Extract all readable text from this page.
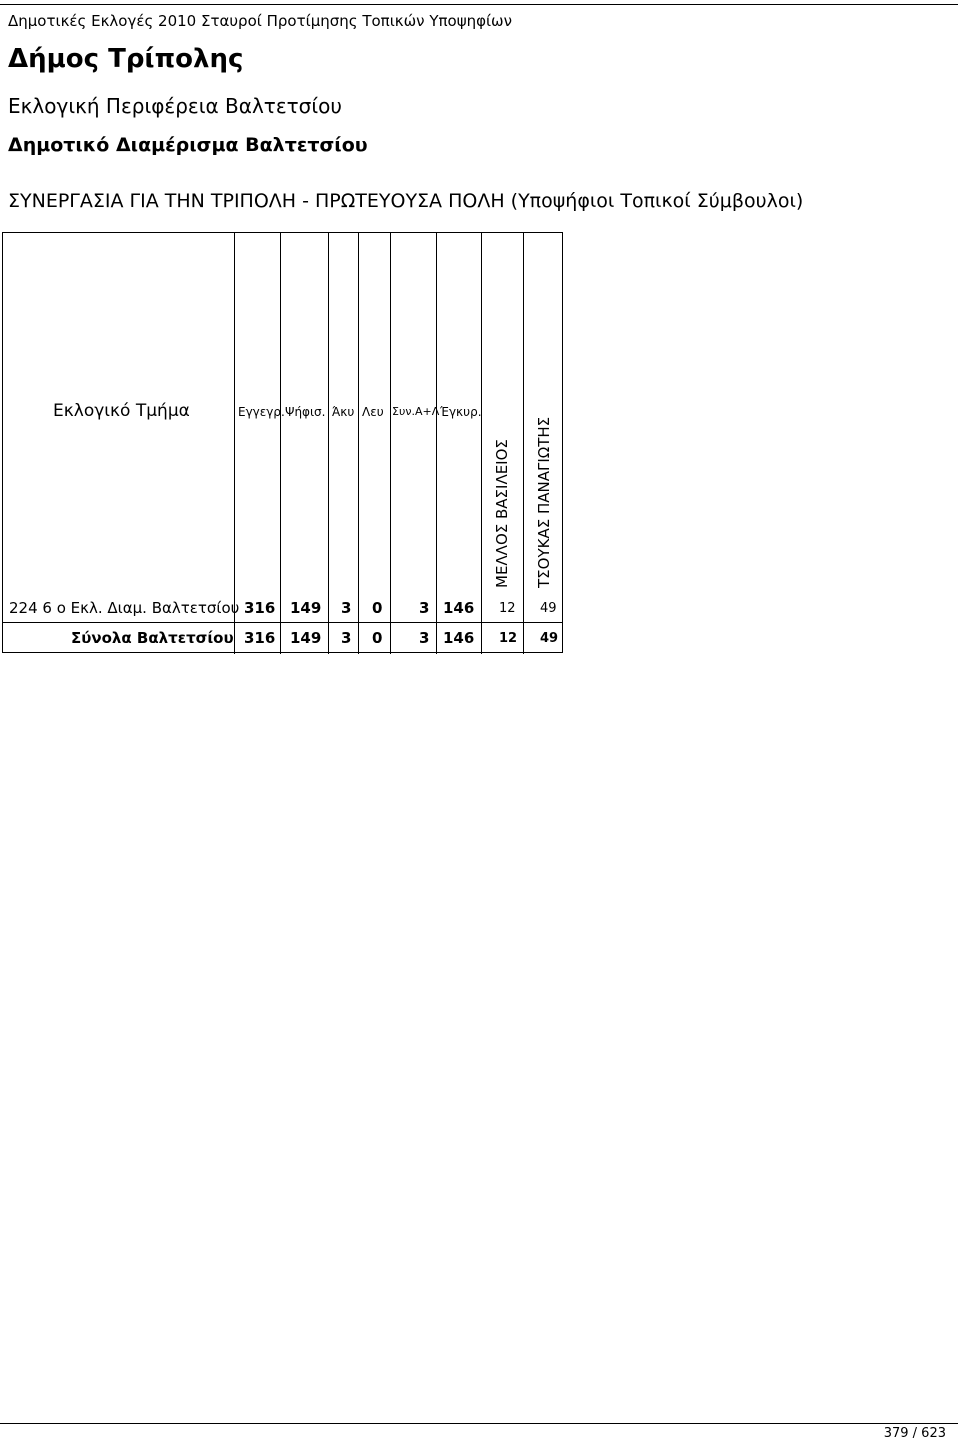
Δημοτικές Εκλογές 2010 Σταυροί Προτίμησης Τοπικών Υποψηφίων
Δήμος Τρίπολης
Εκλογική Περιφέρεια Βαλτετσίου
Δημοτικό Διαμέρισμα Βαλτετσίου
ΣΥΝΕΡΓΑΣΙΑ ΓΙΑ ΤΗΝ ΤΡΙΠΟΛΗ - ΠΡΩΤΕΥΟΥΣΑ ΠΟΛΗ (Υποψήφιοι Τοπικοί Σύμβουλοι)
Εκλογικό Τμήμα	Εγγεγρ. Ψήφισ. Άκυ Λευ Συν.Α+Λ Έγκυρ.
ΜΕΛΛΟΣ ΒΑΣΙΛΕΙΟΣ ΤΣΟΥΚΑΣ ΠΑΝΑΓΙΩΤΗΣ
224 6 ο Εκλ. Διαμ. Βαλτετσίου 316 149 3 0 3 146 12 49
Σύνολα Βαλτετσίου 316 149 3 0 3 146 12 49
379 / 623
